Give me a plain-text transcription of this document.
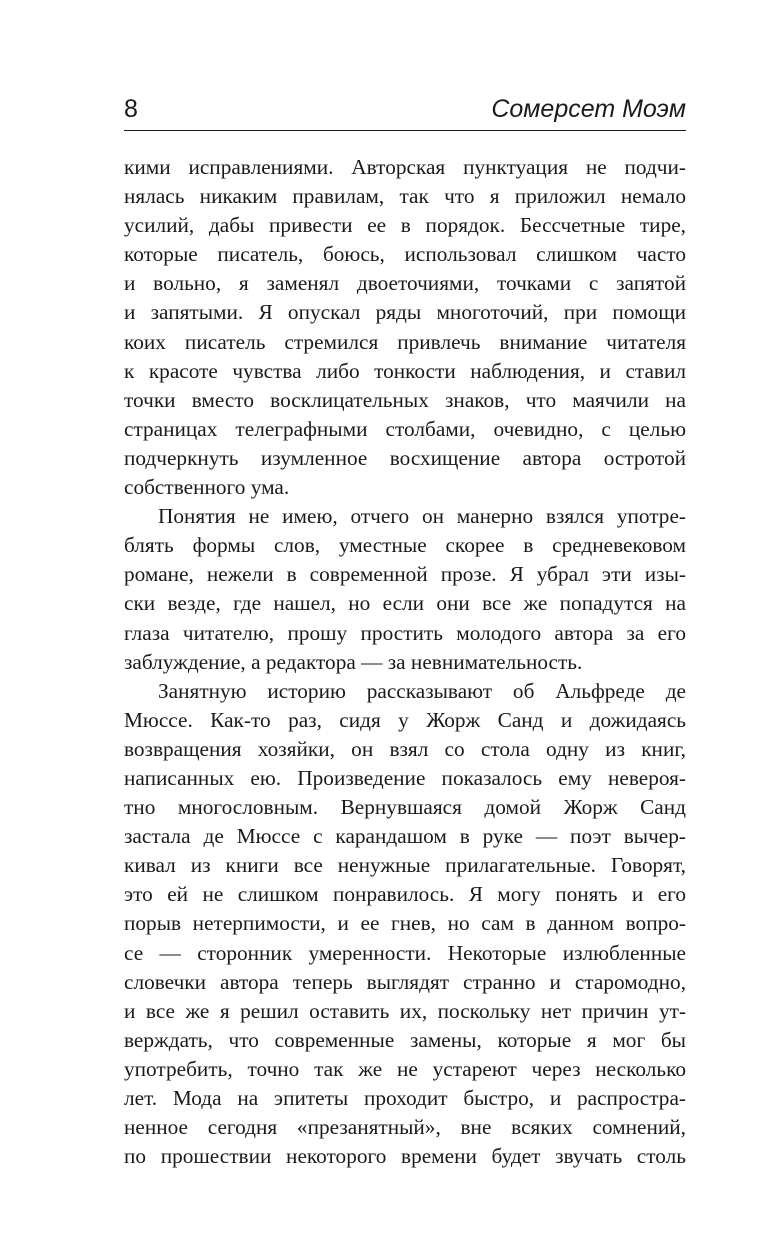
8	Сомерсет Моэм
кими исправлениями. Авторская пунктуация не подчи-
нялась никаким правилам, так что я приложил немало
усилий, дабы привести ее в порядок. Бессчетные тире,
которые писатель, боюсь, использовал слишком часто
и вольно, я заменял двоеточиями, точками с запятой
и запятыми. Я опускал ряды многоточий, при помощи
коих писатель стремился привлечь внимание читателя
к красоте чувства либо тонкости наблюдения, и ставил
точки вместо восклицательных знаков, что маячили на
страницах телеграфными столбами, очевидно, с целью
подчеркнуть изумленное восхищение автора остротой
собственного ума.
Понятия не имею, отчего он манерно взялся употре-
блять формы слов, уместные скорее в средневековом
романе, нежели в современной прозе. Я убрал эти изы-
ски везде, где нашел, но если они все же попадутся на
глаза читателю, прошу простить молодого автора за его
заблуждение, а редактора — за невнимательность.
Занятную историю рассказывают об Альфреде де
Мюссе. Как-то раз, сидя у Жорж Санд и дожидаясь
возвращения хозяйки, он взял со стола одну из книг,
написанных ею. Произведение показалось ему невероя-
тно многословным. Вернувшаяся домой Жорж Санд
застала де Мюссе с карандашом в руке — поэт вычер-
кивал из книги все ненужные прилагательные. Говорят,
это ей не слишком понравилось. Я могу понять и его
порыв нетерпимости, и ее гнев, но сам в данном вопро-
се — сторонник умеренности. Некоторые излюбленные
словечки автора теперь выглядят странно и старомодно,
и все же я решил оставить их, поскольку нет причин ут-
верждать, что современные замены, которые я мог бы
употребить, точно так же не устареют через несколько
лет. Мода на эпитеты проходит быстро, и распростра-
ненное сегодня «презанятный», вне всяких сомнений,
по прошествии некоторого времени будет звучать столь
